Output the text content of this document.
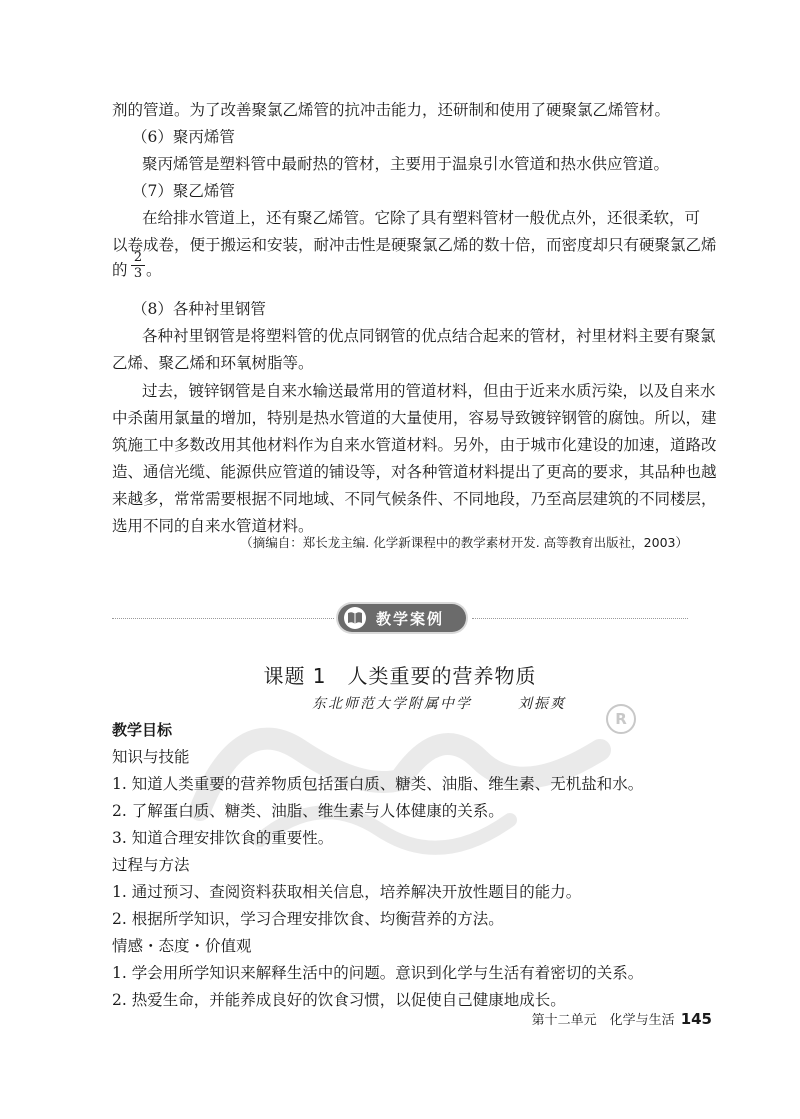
R
剂的管道。为了改善聚氯乙烯管的抗冲击能力，还研制和使用了硬聚氯乙烯管材。
（6）聚丙烯管
聚丙烯管是塑料管中最耐热的管材，主要用于温泉引水管道和热水供应管道。
（7）聚乙烯管
在给排水管道上，还有聚乙烯管。它除了具有塑料管材一般优点外，还很柔软，可
以卷成卷，便于搬运和安装，耐冲击性是硬聚氯乙烯的数十倍，而密度却只有硬聚氯乙烯
的 $\frac{2}{3}$ 。
（8）各种衬里钢管
各种衬里钢管是将塑料管的优点同钢管的优点结合起来的管材，衬里材料主要有聚氯
乙烯、聚乙烯和环氧树脂等。
过去，镀锌钢管是自来水输送最常用的管道材料，但由于近来水质污染，以及自来水
中杀菌用氯量的增加，特别是热水管道的大量使用，容易导致镀锌钢管的腐蚀。所以，建
筑施工中多数改用其他材料作为自来水管道材料。另外，由于城市化建设的加速，道路改
造、通信光缆、能源供应管道的铺设等，对各种管道材料提出了更高的要求，其品种也越
来越多，常常需要根据不同地域、不同气候条件、不同地段，乃至高层建筑的不同楼层，
选用不同的自来水管道材料。
（摘编自：郑长龙主编. 化学新课程中的教学素材开发. 高等教育出版社，2003）
教学案例
课题 1　人类重要的营养物质
东北师范大学附属中学	刘振爽
教学目标
知识与技能
1. 知道人类重要的营养物质包括蛋白质、糖类、油脂、维生素、无机盐和水。
2. 了解蛋白质、糖类、油脂、维生素与人体健康的关系。
3. 知道合理安排饮食的重要性。
过程与方法
1. 通过预习、查阅资料获取相关信息，培养解决开放性题目的能力。
2. 根据所学知识，学习合理安排饮食、均衡营养的方法。
情感・态度・价值观
1. 学会用所学知识来解释生活中的问题。意识到化学与生活有着密切的关系。
2. 热爱生命，并能养成良好的饮食习惯，以促使自己健康地成长。
第十二单元　化学与生活 145
